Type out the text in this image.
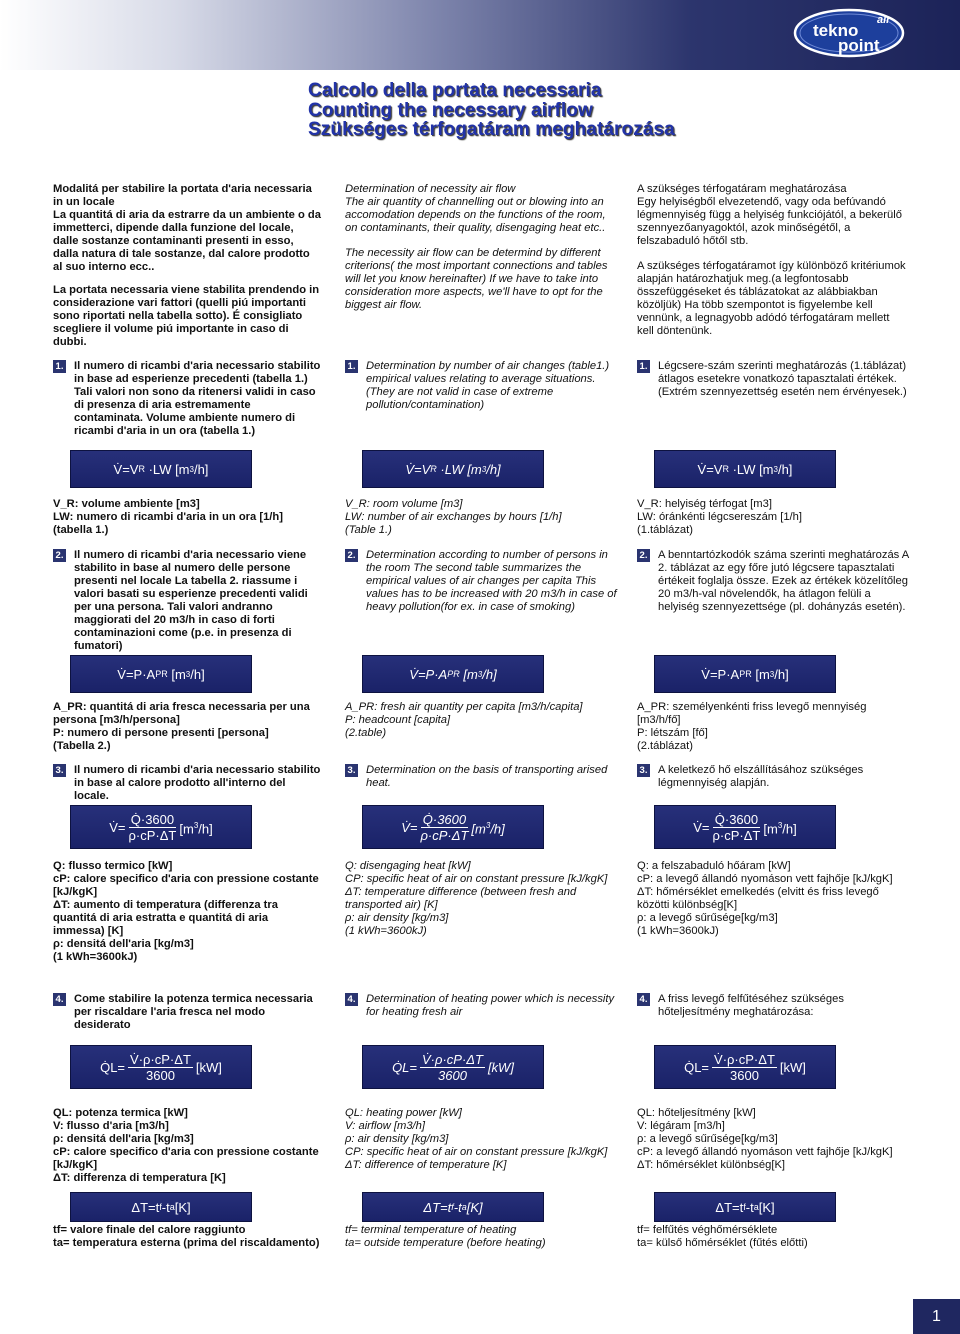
air
tekno
point
Calcolo della portata necessaria
Counting the necessary airflow
Szükséges térfogatáram meghatározása

Modalitá per stabilire la portata d'aria necessaria in un locale
La quantitá di aria da estrarre da un ambiente o da immetterci, dipende dalla funzione del locale, dalle sostanze contaminanti presenti in esso, dalla natura di tale sostanze, dal calore prodotto al suo interno ecc..

La portata necessaria viene stabilita prendendo in considerazione vari fattori (quelli piú importanti sono riportati nella tabella sotto). É consigliato scegliere il volume piú importante in caso di dubbi.

1. Il numero di ricambi d'aria necessario stabilito in base ad esperienze precedenti (tabella 1.) Tali valori non sono da ritenersi validi in caso di presenza di aria estremamente contaminata. Volume ambiente numero di ricambi d'aria in un ora (tabella 1.)
V̇=V R ·LW [m 3 /h]
V_R: volume ambiente [m3]
LW: numero di ricambi d'aria in un ora [1/h]
(tabella 1.)
2. Il numero di ricambi d'aria necessario viene stabilito in base al numero delle persone presenti nel locale La tabella 2. riassume i valori basati su esperienze precedenti validi per una persona. Tali valori andranno maggiorati del 20 m3/h in caso di forti contaminazioni come (p.e. in presenza di fumatori)
V̇=P·A PR [m 3 /h]
A_PR: quantitá di aria fresca necessaria per una persona [m3/h/persona]
P: numero di persone presenti [persona]
(Tabella 2.)
3. Il numero di ricambi d'aria necessario stabilito in base al calore prodotto all'interno del locale.
V̇= $\frac{Q̇\cdot 3600}{\rho\cdot cP\cdot\Delta T} [m^3/h]$
Q: flusso termico [kW]
cP: calore specifico d'aria con pressione costante [kJ/kgK]
ΔT: aumento di temperatura (differenza tra quantitá di aria estratta e quantitá di aria immessa) [K]
ρ: densitá dell'aria [kg/m3]
(1 kWh=3600kJ)
4. Come stabilire la potenza termica necessaria per riscaldare l'aria fresca nel modo desiderato
Q̇L= $\frac{V̇\cdot\rho\cdot cP\cdot\Delta T}{3600} [kW]$
QL: potenza termica [kW]
V: flusso d'aria [m3/h]
ρ: densitá dell'aria [kg/m3]
cP: calore specifico d'aria con pressione costante [kJ/kgK]
ΔT: differenza di temperatura [K]
ΔT=t f -t a [K]
tf= valore finale del calore raggiunto
ta= temperatura esterna (prima del riscaldamento)

Determination of necessity air flow
The air quantity of channelling out or blowing into an accomodation depends on the functions of the room, on contaminants, their quality, disengaging heat etc..

The necessity air flow can be determind by different criterions( the most important connections and tables will let you know hereinafter) If we have to take into consideration more aspects, we'll have to opt for the biggest air flow.

1. Determination by number of air changes (table1.) empirical values relating to average situations. (They are not valid in case of extreme pollution/contamination)
V̇=V R ·LW [m 3 /h]
V_R: room volume [m3]
LW: number of air exchanges by hours [1/h]
(Table 1.)
2. Determination according to number of persons in the room The second table summarizes the empirical values of air changes per capita This values has to be increased with 20 m3/h in case of heavy pollution(for ex. in case of smoking)
V̇=P·A PR [m 3 /h]
A_PR: fresh air quantity per capita [m3/h/capita]
P: headcount [capita]
(2.table)
3. Determination on the basis of transporting arised heat.
V̇= $\frac{Q̇\cdot 3600}{\rho\cdot cP\cdot\Delta T} [m^3/h]$
Q: disengaging heat [kW]
CP: specific heat of air on constant pressure [kJ/kgK]
ΔT: temperature difference (between fresh and transported air) [K]
ρ: air density [kg/m3]
(1 kWh=3600kJ)
4. Determination of heating power which is necessity for heating fresh air
Q̇L= $\frac{V̇\cdot\rho\cdot cP\cdot\Delta T}{3600} [kW]$
QL: heating power [kW]
V: airflow [m3/h]
ρ: air density [kg/m3]
CP: specific heat of air on constant pressure [kJ/kgK]
ΔT: difference of temperature [K]
ΔT=t f -t a [K]
tf= terminal temperature of heating
ta= outside temperature (before heating)

A szükséges térfogatáram meghatározása
Egy helyiségből elvezetendő, vagy oda befúvandó légmennyiség függ a helyiség funkciójától, a bekerülő szennyezőanyagoktól, azok minőségétől, a felszabaduló hőtől stb.

A szükséges térfogatáramot így különböző kritériumok alapján határozhatjuk meg.(a legfontosabb összefüggéseket és táblázatokat az alábbiakban közöljük) Ha több szempontot is figyelembe kell vennünk, a legnagyobb adódó térfogatáram mellett kell döntenünk.

1. Légcsere-szám szerinti meghatározás (1.táblázat) átlagos esetekre vonatkozó tapasztalati értékek. (Extrém szennyezettség esetén nem érvényesek.)
V̇=V R ·LW [m 3 /h]
V_R: helyiség térfogat [m3]
LW: óránkénti légcsereszám [1/h]
(1.táblázat)
2. A benntartózkodók száma szerinti meghatározás A 2. táblázat az egy főre jutó légcsere tapasztalati értékeit foglalja össze. Ezek az értékek közelítőleg 20 m3/h-val növelendők, ha átlagon felüli a helyiség szennyezettsége (pl. dohányzás esetén).
V̇=P·A PR [m 3 /h]
A_PR: személyenkénti friss levegő mennyiség [m3/h/fő]
P: létszám [fő]
(2.táblázat)
3. A keletkező hő elszállításához szükséges légmennyiség alapján.
V̇= $\frac{Q̇\cdot 3600}{\rho\cdot cP\cdot\Delta T} [m^3/h]$
Q: a felszabaduló hőáram [kW]
cP: a levegő állandó nyomáson vett fajhője [kJ/kgK]
ΔT: hőmérséklet emelkedés (elvitt és friss levegő közötti különbség[K]
ρ: a levegő sűrűsége[kg/m3]
(1 kWh=3600kJ)
4. A friss levegő felfűtéséhez szükséges hőteljesítmény meghatározása:
Q̇L= $\frac{V̇\cdot\rho\cdot cP\cdot\Delta T}{3600} [kW]$
QL: hőteljesítmény [kW]
V: légáram [m3/h]
ρ: a levegő sűrűsége[kg/m3]
cP: a levegő állandó nyomáson vett fajhője [kJ/kgK]
ΔT: hőmérséklet különbség[K]
ΔT=t f -t a [K]
tf= felfűtés véghőmérséklete
ta= külső hőmérséklet (fűtés előtti)
1
